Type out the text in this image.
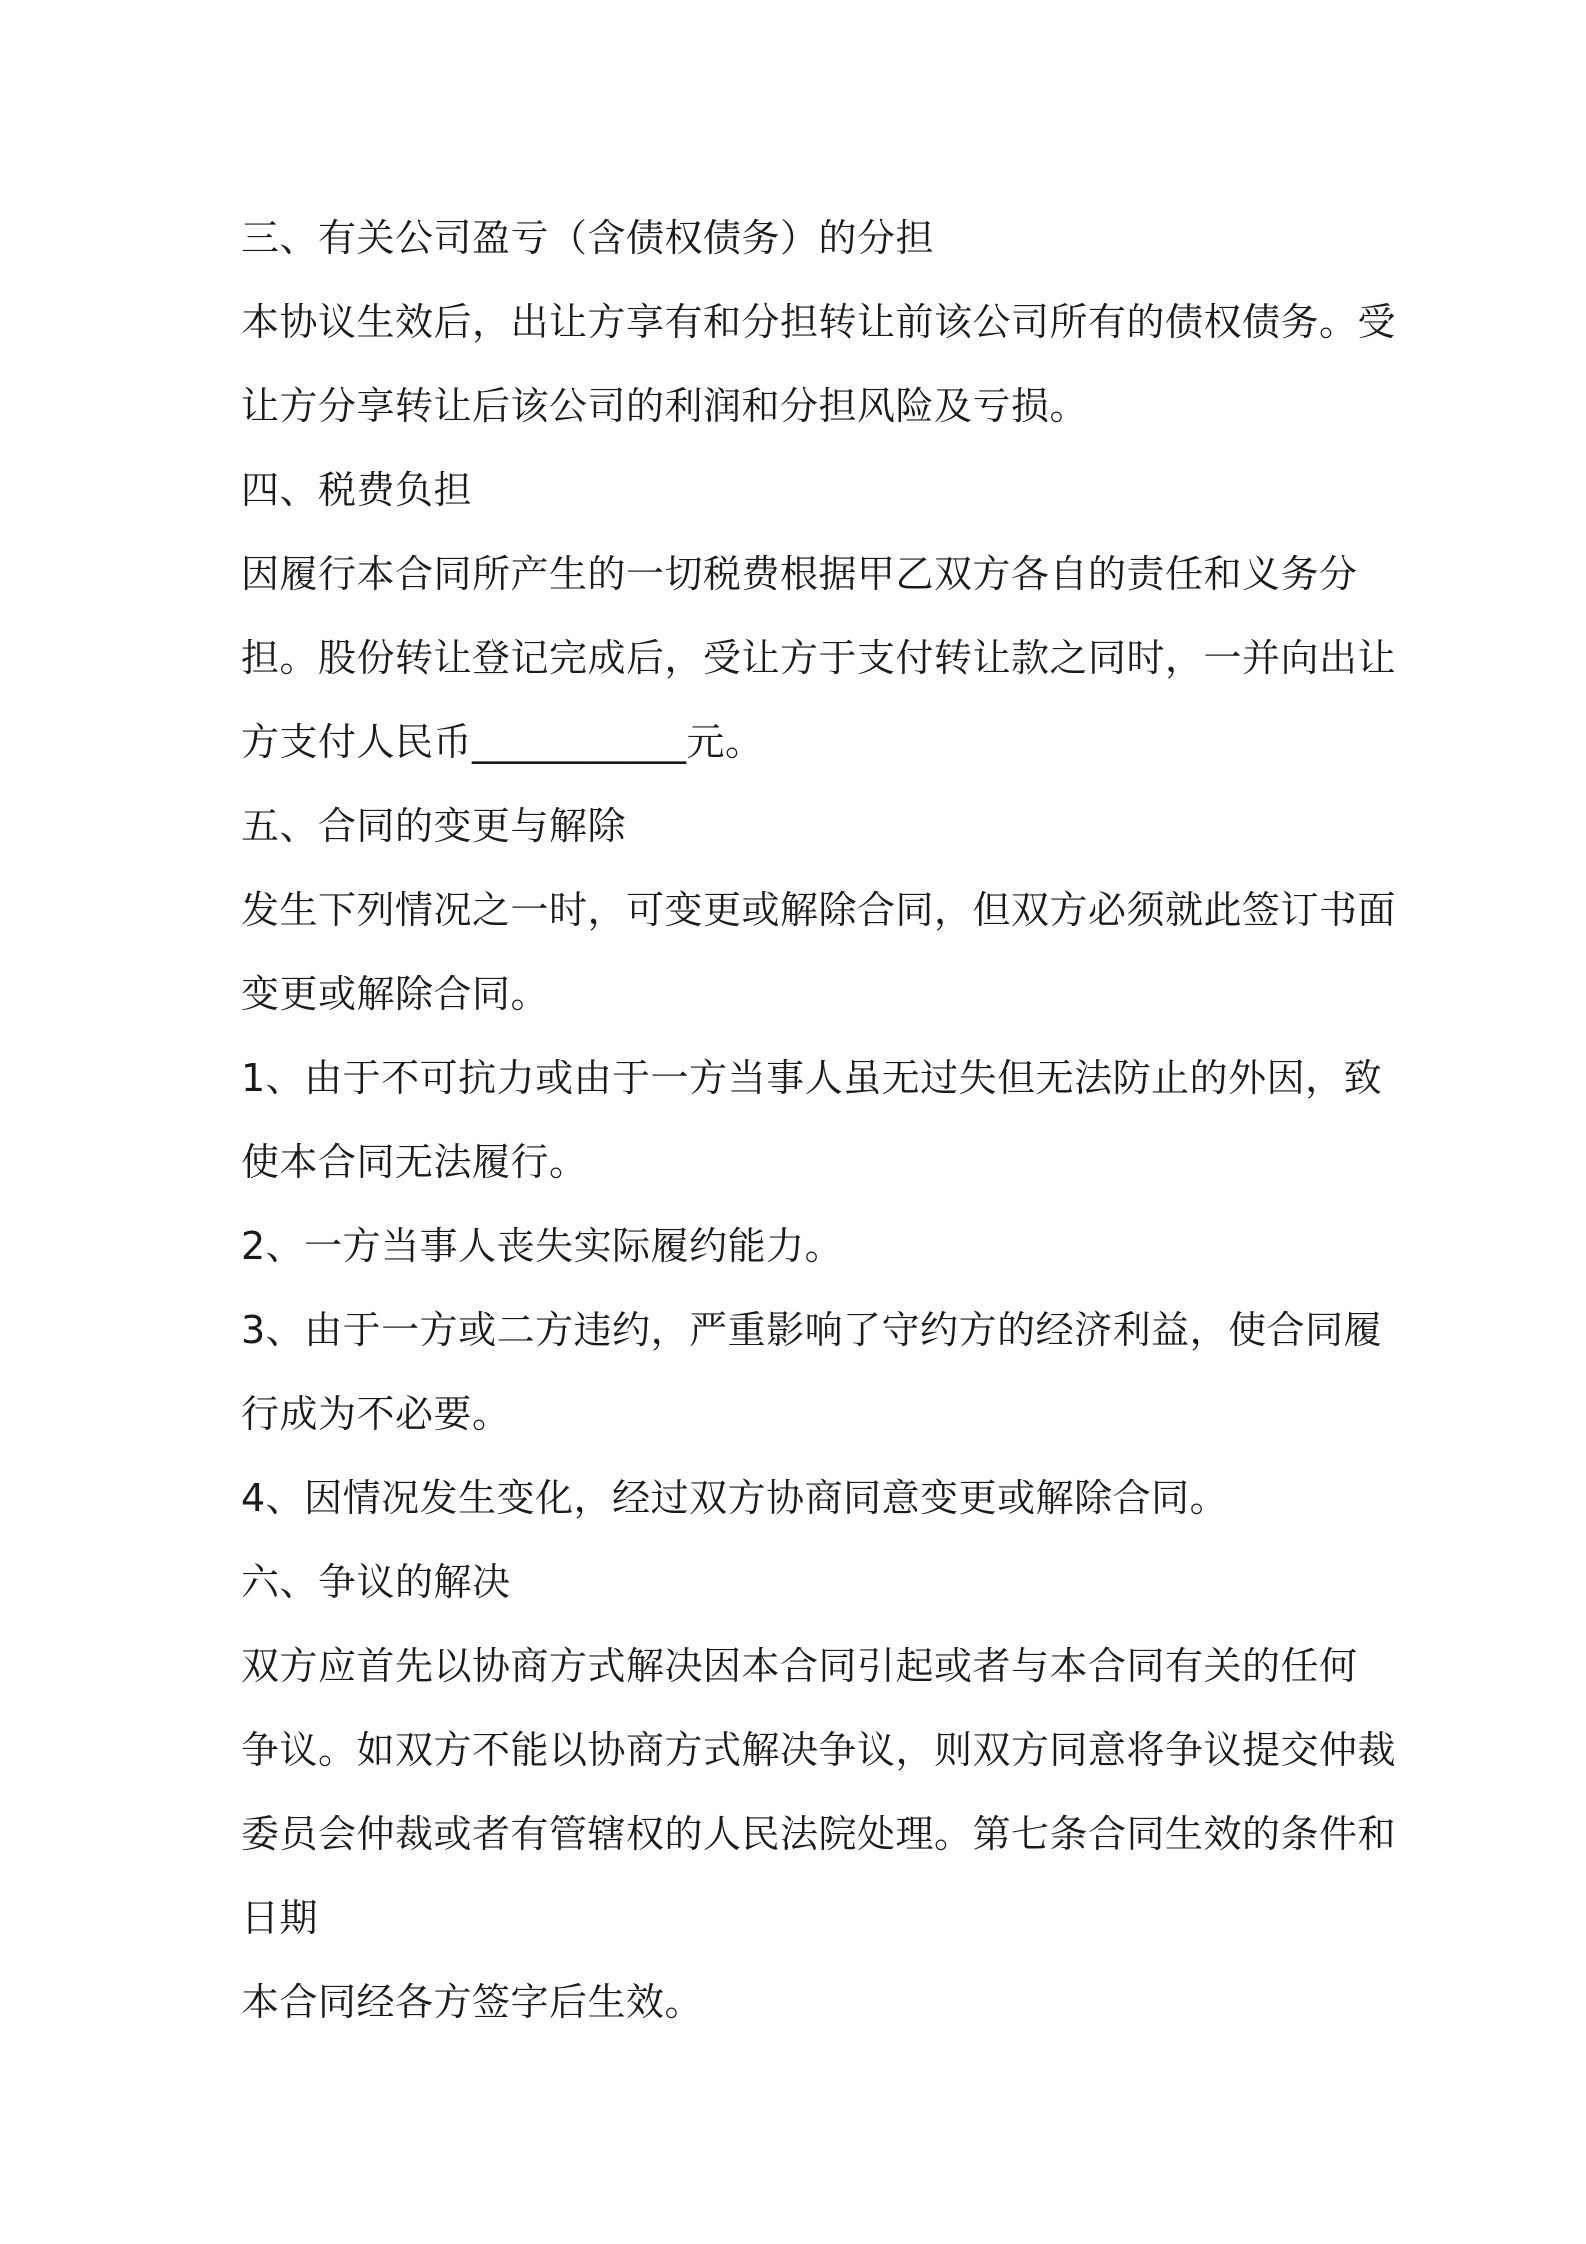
三、有关公司盈亏（含债权债务）的分担
本协议生效后，出让方享有和分担转让前该公司所有的债权债务。受
让方分享转让后该公司的利润和分担风险及亏损。
四、税费负担
因履行本合同所产生的一切税费根据甲乙双方各自的责任和义务分
担。股份转让登记完成后，受让方于支付转让款之同时，一并向出让
方支付人民币___________元。
五、合同的变更与解除
发生下列情况之一时，可变更或解除合同，但双方必须就此签订书面
变更或解除合同。
1、由于不可抗力或由于一方当事人虽无过失但无法防止的外因，致
使本合同无法履行。
2、一方当事人丧失实际履约能力。
3、由于一方或二方违约，严重影响了守约方的经济利益，使合同履
行成为不必要。
4、因情况发生变化，经过双方协商同意变更或解除合同。
六、争议的解决
双方应首先以协商方式解决因本合同引起或者与本合同有关的任何
争议。如双方不能以协商方式解决争议，则双方同意将争议提交仲裁
委员会仲裁或者有管辖权的人民法院处理。第七条合同生效的条件和
日期
本合同经各方签字后生效。
